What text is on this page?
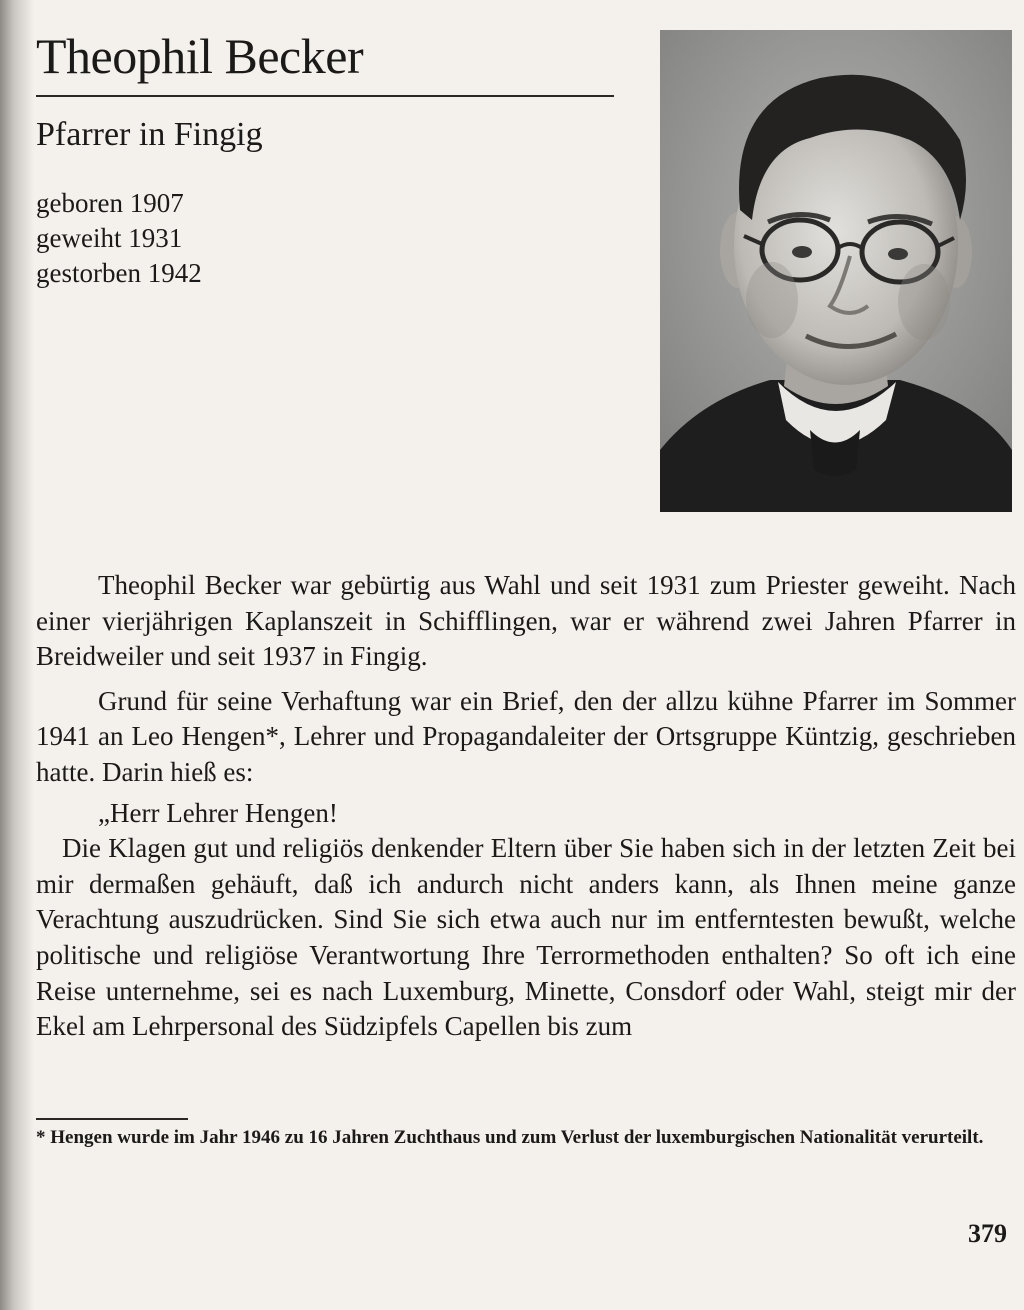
Theophil Becker
Pfarrer in Fingig
geboren 1907
geweiht 1931
gestorben 1942

Theophil Becker war gebürtig aus Wahl und seit 1931 zum Priester geweiht. Nach einer vierjährigen Kaplanszeit in Schifflingen, war er während zwei Jahren Pfarrer in Breidweiler und seit 1937 in Fingig.

Grund für seine Verhaftung war ein Brief, den der allzu kühne Pfarrer im Sommer 1941 an Leo Hengen*, Lehrer und Propagandaleiter der Ortsgruppe Küntzig, geschrieben hatte. Darin hieß es:

„Herr Lehrer Hengen!

Die Klagen gut und religiös denkender Eltern über Sie haben sich in der letzten Zeit bei mir dermaßen gehäuft, daß ich andurch nicht anders kann, als Ihnen meine ganze Verachtung auszudrücken. Sind Sie sich etwa auch nur im entferntesten bewußt, welche politische und religiöse Verantwortung Ihre Terrormethoden enthalten? So oft ich eine Reise unternehme, sei es nach Luxemburg, Minette, Consdorf oder Wahl, steigt mir der Ekel am Lehrpersonal des Südzipfels Capellen bis zum

* Hengen wurde im Jahr 1946 zu 16 Jahren Zuchthaus und zum Verlust der luxemburgischen Nationalität verurteilt.
379
